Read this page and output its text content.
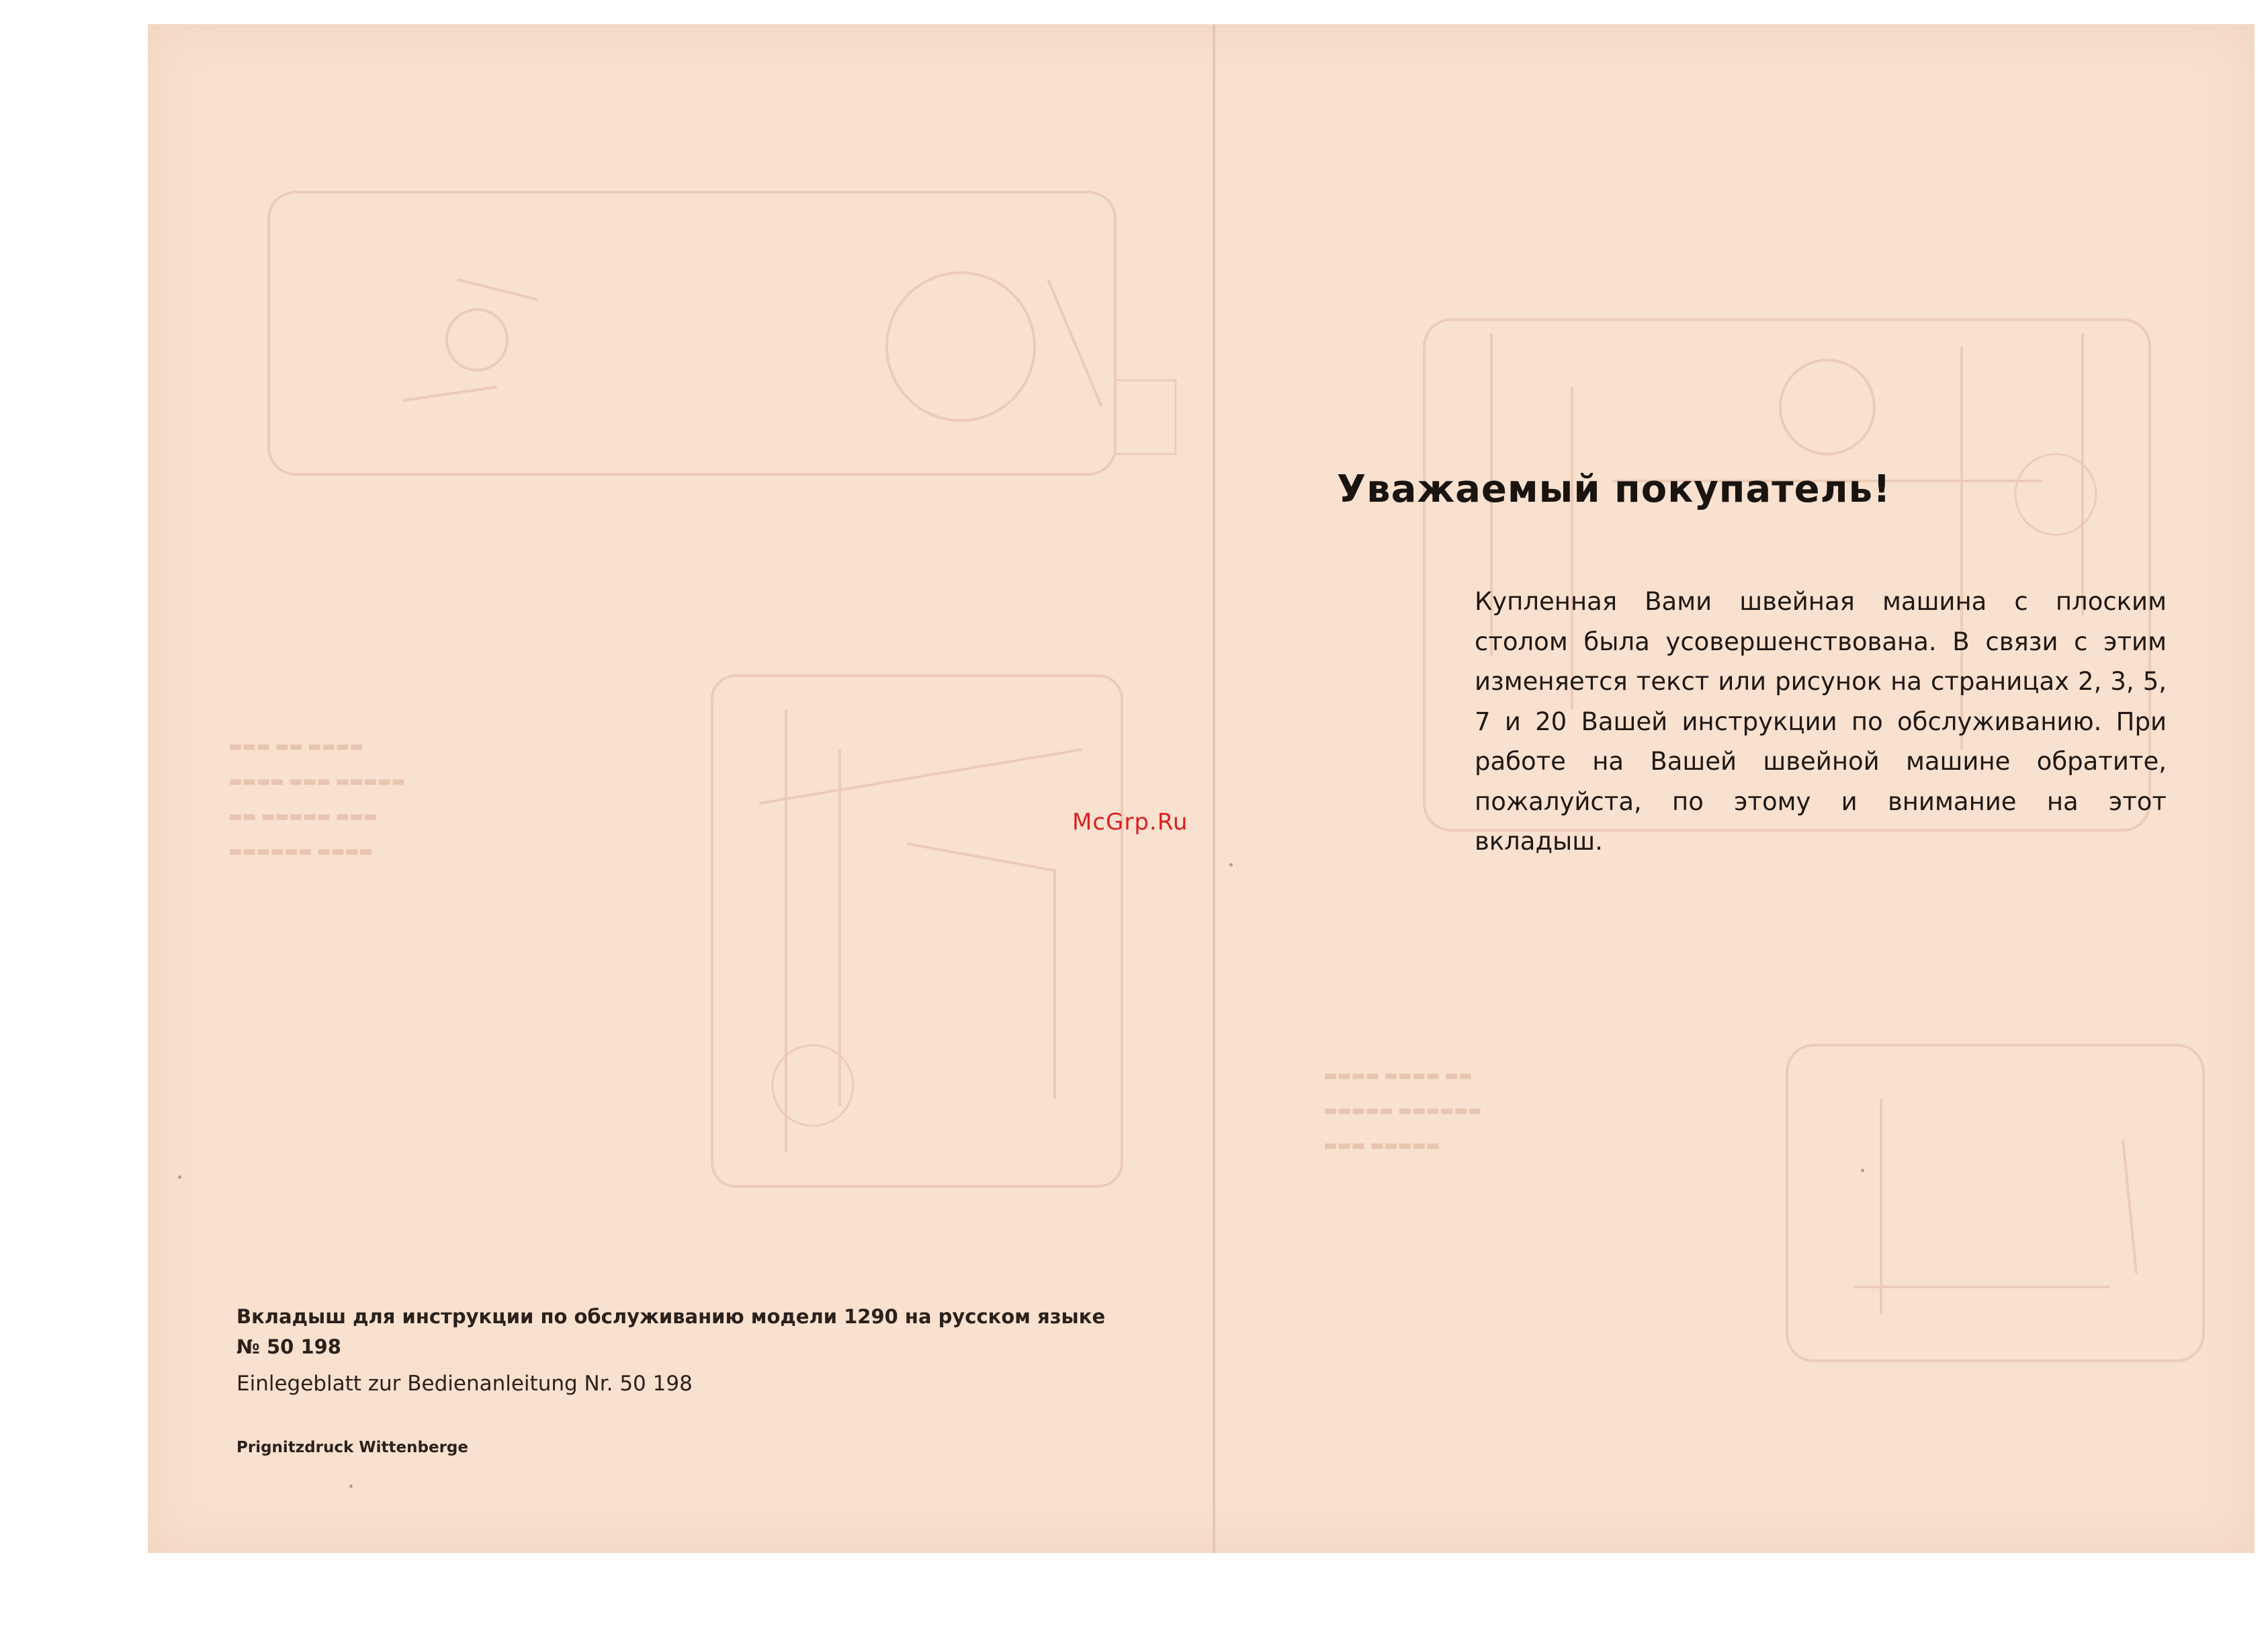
▬▬▬ ▬▬ ▬▬▬▬
▬▬▬▬ ▬▬▬ ▬▬▬▬▬
▬▬ ▬▬▬▬▬ ▬▬▬
▬▬▬▬▬▬ ▬▬▬▬
▬▬▬▬ ▬▬▬▬ ▬▬
▬▬▬▬▬ ▬▬▬▬▬▬
▬▬▬ ▬▬▬▬▬
Уважаемый покупатель!

Купленная Вами швейная машина с плоским столом была усовершенствована. В связи с этим изменяется текст или рисунок на страницах 2, 3, 5, 7 и 20 Вашей инструкции по обслуживанию. При работе на Вашей швейной машине обратите, пожалуйста, по этому и внимание на этот вкладыш.

McGrp.Ru

Вкладыш для инструкции по обслуживанию модели 1290 на русском языке № 50 198

Einlegeblatt zur Bedienanleitung Nr. 50 198

Prignitzdruck Wittenberge
